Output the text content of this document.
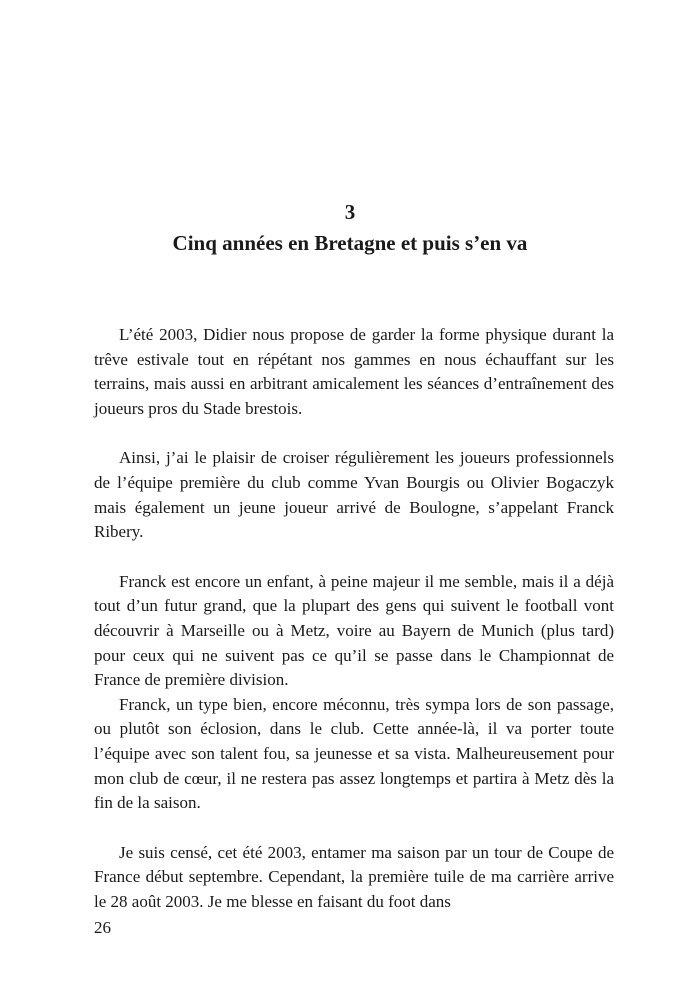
3
Cinq années en Bretagne et puis s’en va

L’été 2003, Didier nous propose de garder la forme physique durant la trêve estivale tout en répétant nos gammes en nous échauffant sur les terrains, mais aussi en arbitrant amicalement les séances d’entraînement des joueurs pros du Stade brestois.

Ainsi, j’ai le plaisir de croiser régulièrement les joueurs professionnels de l’équipe première du club comme Yvan Bourgis ou Olivier Bogaczyk mais également un jeune joueur arrivé de Boulogne, s’appelant Franck Ribery.

Franck est encore un enfant, à peine majeur il me semble, mais il a déjà tout d’un futur grand, que la plupart des gens qui suivent le football vont découvrir à Marseille ou à Metz, voire au Bayern de Munich (plus tard) pour ceux qui ne suivent pas ce qu’il se passe dans le Championnat de France de première division.

Franck, un type bien, encore méconnu, très sympa lors de son passage, ou plutôt son éclosion, dans le club. Cette année-là, il va porter toute l’équipe avec son talent fou, sa jeunesse et sa vista. Malheureusement pour mon club de cœur, il ne restera pas assez longtemps et partira à Metz dès la fin de la saison.

Je suis censé, cet été 2003, entamer ma saison par un tour de Coupe de France début septembre. Cependant, la première tuile de ma carrière arrive le 28 août 2003. Je me blesse en faisant du foot dans

26
